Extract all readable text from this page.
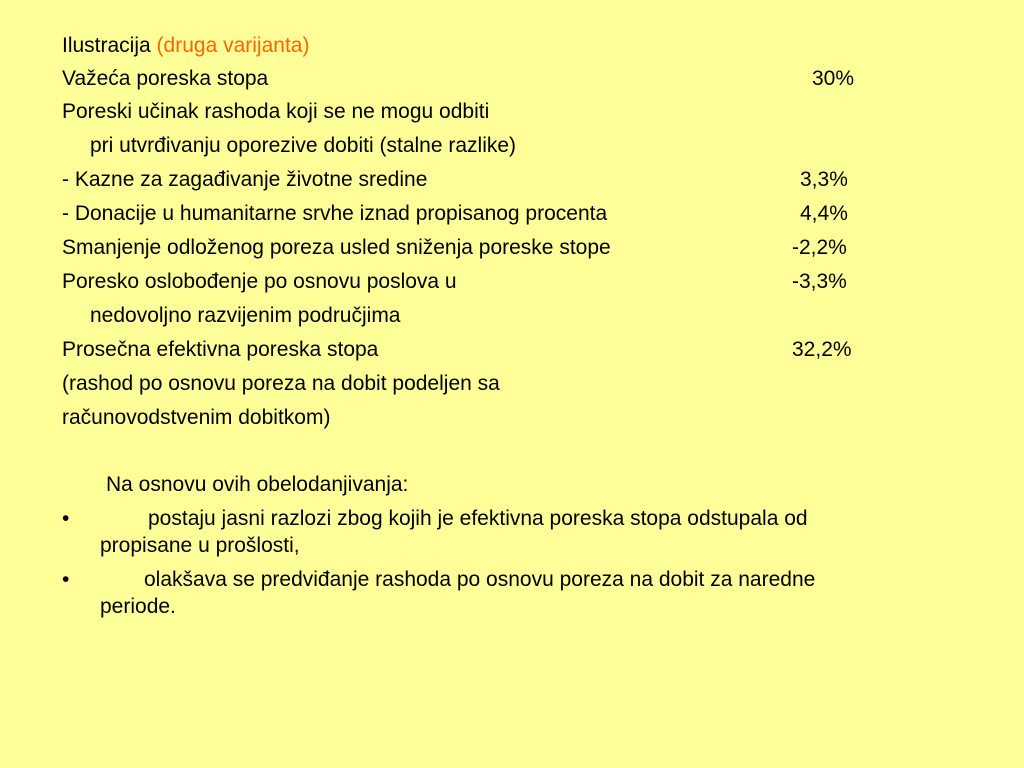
Ilustracija (druga varijanta)
Važeća poreska stopa	30%
Poreski učinak rashoda koji se ne mogu odbiti
pri utvrđivanju oporezive dobiti (stalne razlike)
- Kazne za zagađivanje životne sredine	3,3%
- Donacije u humanitarne srvhe iznad propisanog procenta	4,4%
Smanjenje odloženog poreza usled sniženja poreske stope	-2,2%
Poresko oslobođenje po osnovu poslova u	-3,3%
nedovoljno razvijenim područjima
Prosečna efektivna poreska stopa	32,2%
(rashod po osnovu poreza na dobit podeljen sa
računovodstvenim dobitkom)
Na osnovu ovih obelodanjivanja:
•	postaju jasni razlozi zbog kojih je efektivna poreska stopa odstupala od
propisane u prošlosti,
•	olakšava se predviđanje rashoda po osnovu poreza na dobit za naredne
periode.
